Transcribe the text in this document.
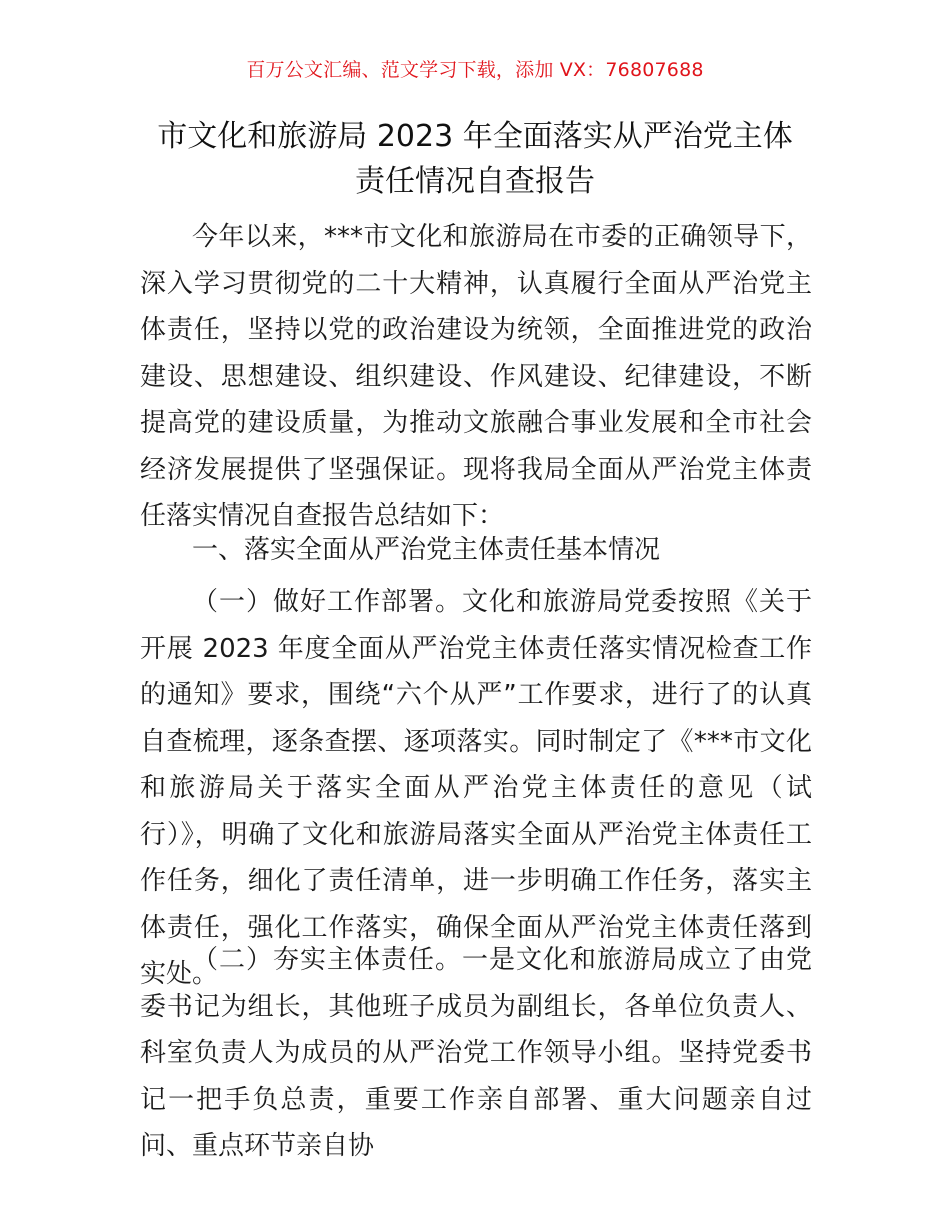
百万公文汇编、范文学习下载，添加 VX：76807688
市文化和旅游局 2023 年全面落实从严治党主体
责任情况自查报告

今年以来，***市文化和旅游局在市委的正确领导下，深入学习贯彻党的二十大精神，认真履行全面从严治党主体责任，坚持以党的政治建设为统领，全面推进党的政治建设、思想建设、组织建设、作风建设、纪律建设，不断提高党的建设质量，为推动文旅融合事业发展和全市社会经济发展提供了坚强保证。现将我局全面从严治党主体责任落实情况自查报告总结如下：

一、落实全面从严治党主体责任基本情况

（一）做好工作部署。文化和旅游局党委按照《关于开展 2023 年度全面从严治党主体责任落实情况检查工作的通知》要求，围绕“六个从严”工作要求，进行了的认真自查梳理，逐条查摆、逐项落实。同时制定了《***市文化和旅游局关于落实全面从严治党主体责任的意见（试行）》，明确了文化和旅游局落实全面从严治党主体责任工作任务，细化了责任清单，进一步明确工作任务，落实主体责任，强化工作落实，确保全面从严治党主体责任落到实处。

（二）夯实主体责任。一是文化和旅游局成立了由党委书记为组长，其他班子成员为副组长，各单位负责人、科室负责人为成员的从严治党工作领导小组。坚持党委书记一把手负总责，重要工作亲自部署、重大问题亲自过问、重点环节亲自协
